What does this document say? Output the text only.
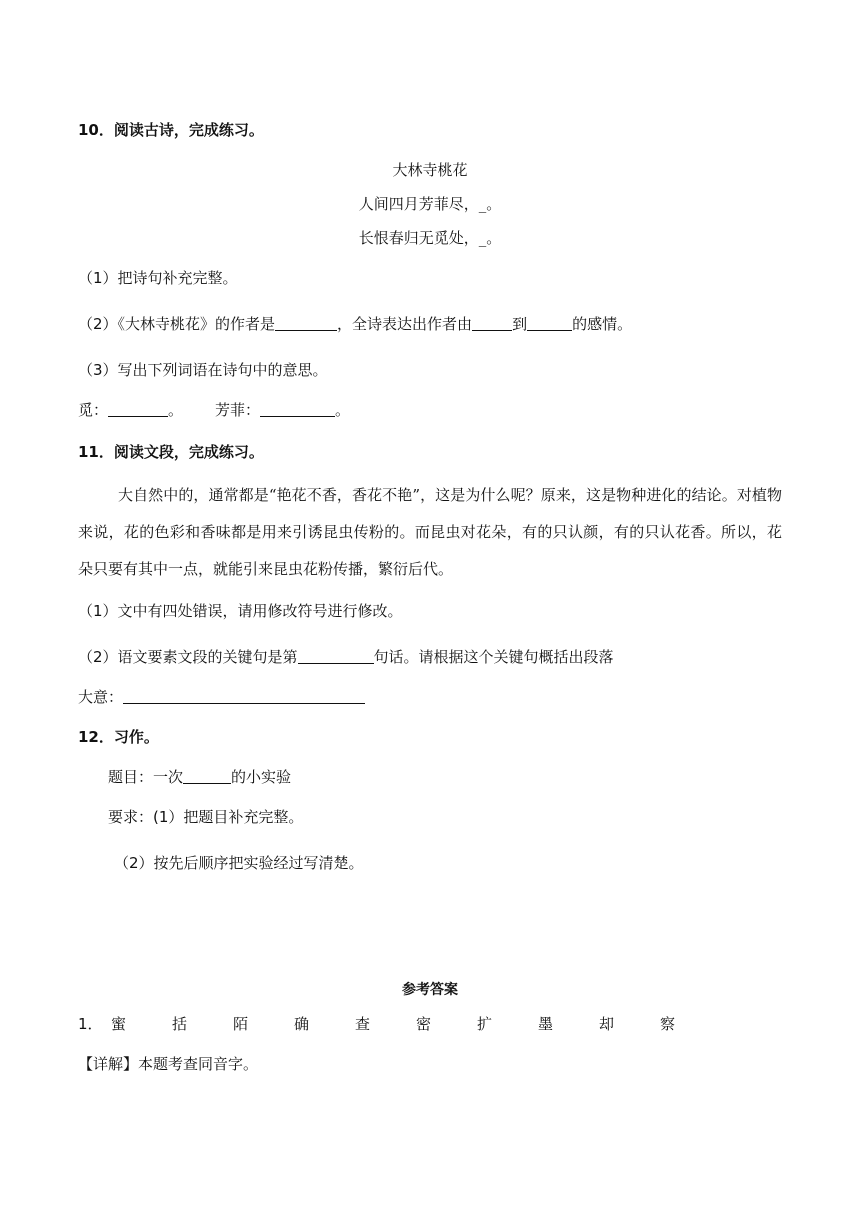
10．阅读古诗，完成练习。
大林寺桃花
人间四月芳菲尽，_。
长恨春归无觅处，_。
（1）把诗句补充完整。
（2）《大林寺桃花》的作者是	，全诗表达出作者由	到	的感情。
（3）写出下列词语在诗句中的意思。
觅：	。 芳菲：	。
11．阅读文段，完成练习。
大自然中的，通常都是“艳花不香，香花不艳”，这是为什么呢？原来，这是物种进化的结论。对植物来说，花的色彩和香味都是用来引诱昆虫传粉的。而昆虫对花朵，有的只认颜，有的只认花香。所以，花朵只要有其中一点，就能引来昆虫花粉传播，繁衍后代。
（1）文中有四处错误，请用修改符号进行修改。
（2）语文要素文段的关键句是第	句话。请根据这个关键句概括出段落
大意：
12．习作。
题目：一次	的小实验
要求：(1）把题目补充完整。
（2）按先后顺序把实验经过写清楚。
参考答案
1． 蜜	括	陌	确	查	密	扩	墨	却	察
【详解】本题考查同音字。
